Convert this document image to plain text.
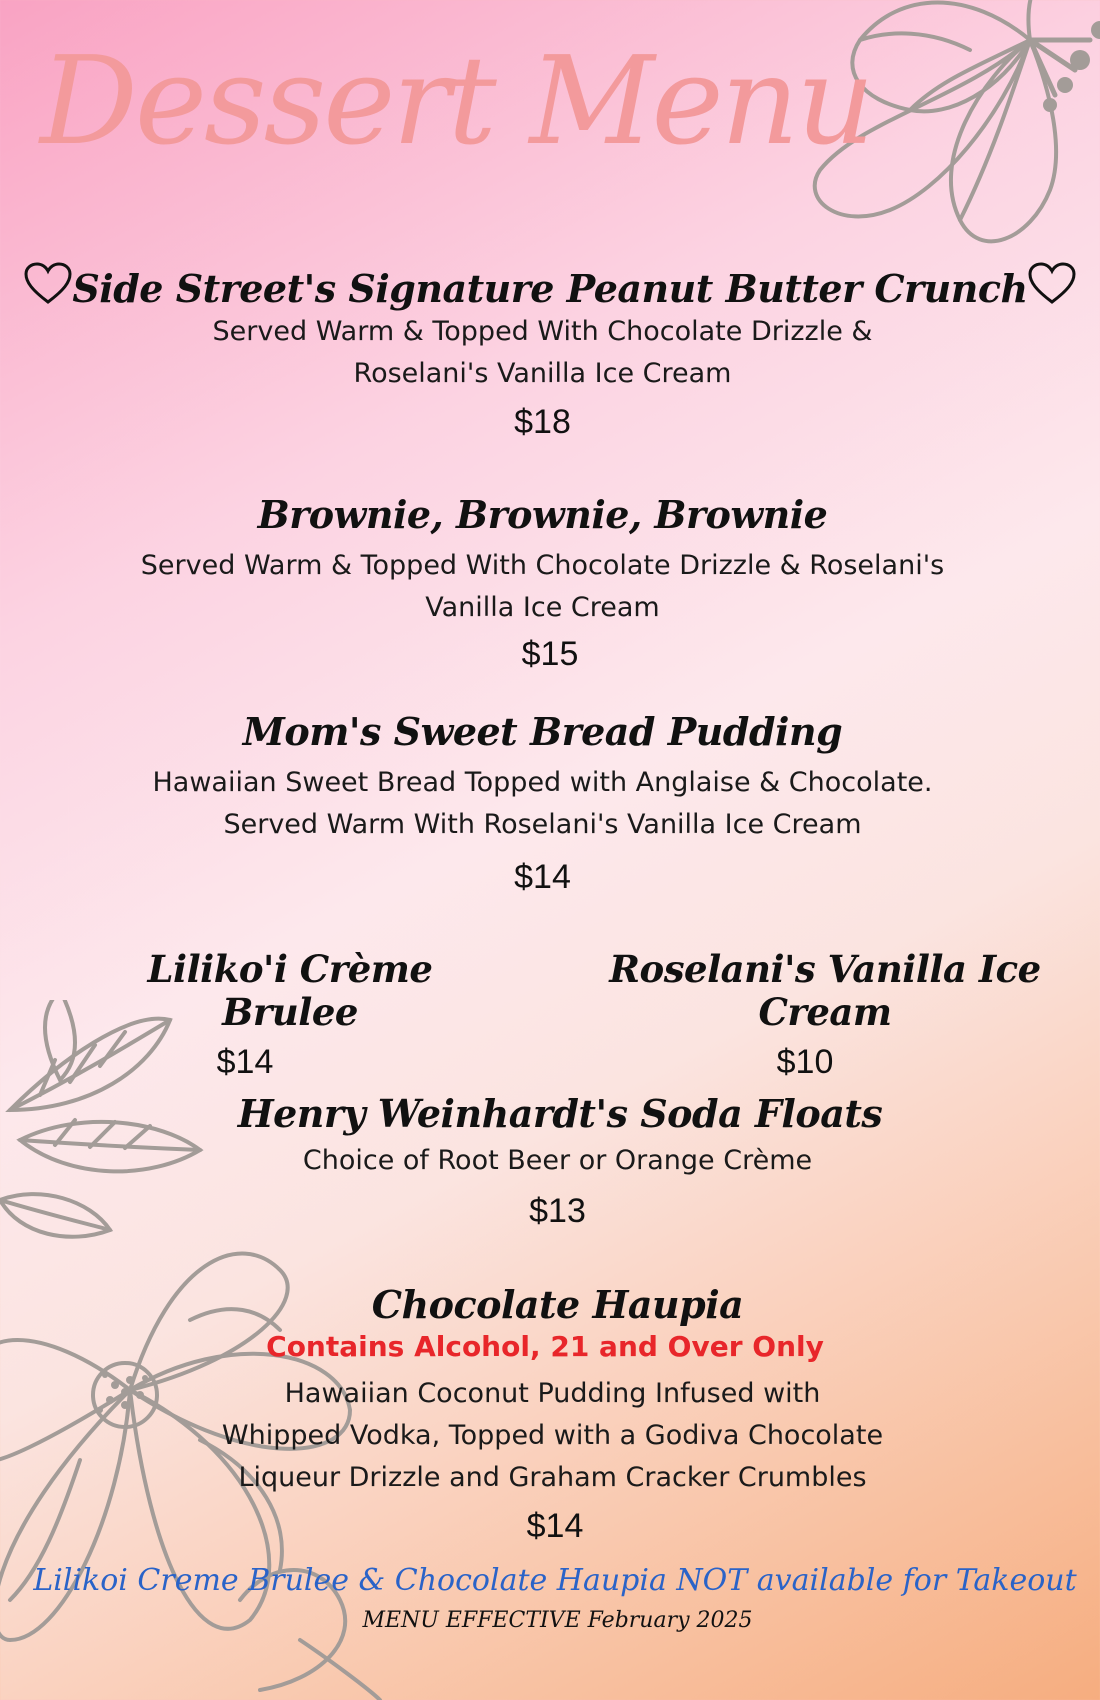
Dessert Menu
Side Street's Signature Peanut Butter Crunch
Served Warm & Topped With Chocolate Drizzle &
Roselani's Vanilla Ice Cream
$18
Brownie, Brownie, Brownie
Served Warm & Topped With Chocolate Drizzle & Roselani's
Vanilla Ice Cream
$15
Mom's Sweet Bread Pudding
Hawaiian Sweet Bread Topped with Anglaise & Chocolate.
Served Warm With Roselani's Vanilla Ice Cream
$14
Liliko'i Crème Brulee
$14
Roselani's Vanilla Ice Cream
$10
Henry Weinhardt's Soda Floats
Choice of Root Beer or Orange Crème
$13
Chocolate Haupia
Contains Alcohol, 21 and Over Only
Hawaiian Coconut Pudding Infused with
Whipped Vodka, Topped with a Godiva Chocolate
Liqueur Drizzle and Graham Cracker Crumbles
$14
Lilikoi Creme Brulee & Chocolate Haupia NOT available for Takeout
MENU EFFECTIVE February 2025
